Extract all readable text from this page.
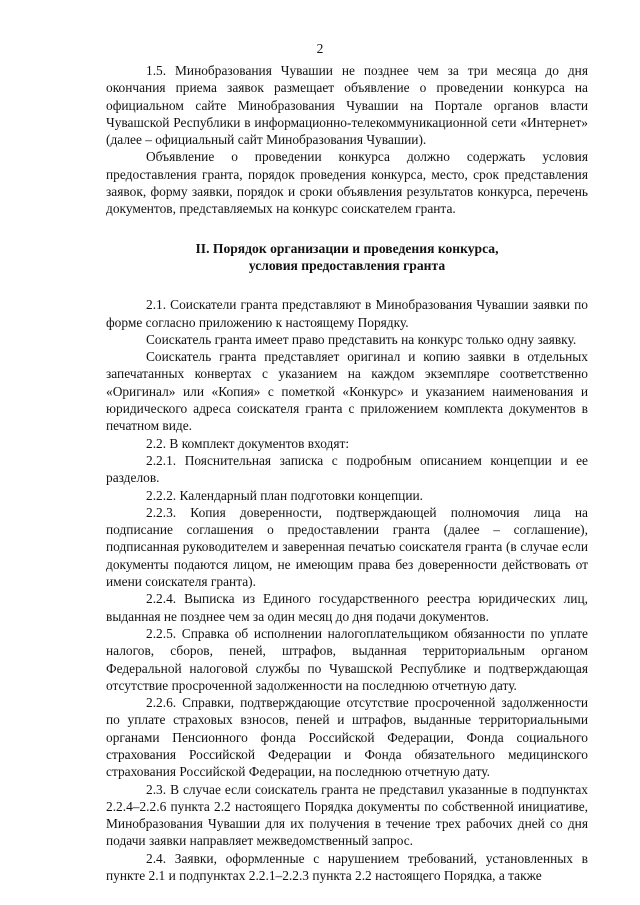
2

1.5. Минобразования Чувашии не позднее чем за три месяца до дня окончания приема заявок размещает объявление о проведении конкурса на официальном сайте Минобразования Чувашии на Портале органов власти Чувашской Республики в информационно-телекоммуникационной сети «Интернет» (далее – официальный сайт Минобразования Чувашии).

Объявление о проведении конкурса должно содержать условия предоставления гранта, порядок проведения конкурса, место, срок представления заявок, форму заявки, порядок и сроки объявления результатов конкурса, перечень документов, представляемых на конкурс соискателем гранта.

II. Порядок организации и проведения конкурса,
условия предоставления гранта

2.1. Соискатели гранта представляют в Минобразования Чувашии заявки по форме согласно приложению к настоящему Порядку.

Соискатель гранта имеет право представить на конкурс только одну заявку.

Соискатель гранта представляет оригинал и копию заявки в отдельных запечатанных конвертах с указанием на каждом экземпляре соответственно «Оригинал» или «Копия» с пометкой «Конкурс» и указанием наименования и юридического адреса соискателя гранта с приложением комплекта документов в печатном виде.

2.2. В комплект документов входят:

2.2.1. Пояснительная записка с подробным описанием концепции и ее разделов.

2.2.2. Календарный план подготовки концепции.

2.2.3. Копия доверенности, подтверждающей полномочия лица на подписание соглашения о предоставлении гранта (далее – соглашение), подписанная руководителем и заверенная печатью соискателя гранта (в случае если документы подаются лицом, не имеющим права без доверенности действовать от имени соискателя гранта).

2.2.4. Выписка из Единого государственного реестра юридических лиц, выданная не позднее чем за один месяц до дня подачи документов.

2.2.5. Справка об исполнении налогоплательщиком обязанности по уплате налогов, сборов, пеней, штрафов, выданная территориальным органом Федеральной налоговой службы по Чувашской Республике и подтверждающая отсутствие просроченной задолженности на последнюю отчетную дату.

2.2.6. Справки, подтверждающие отсутствие просроченной задолженности по уплате страховых взносов, пеней и штрафов, выданные территориальными органами Пенсионного фонда Российской Федерации, Фонда социального страхования Российской Федерации и Фонда обязательного медицинского страхования Российской Федерации, на последнюю отчетную дату.

2.3. В случае если соискатель гранта не представил указанные в подпунктах 2.2.4–2.2.6 пункта 2.2 настоящего Порядка документы по собственной инициативе, Минобразования Чувашии для их получения в течение трех рабочих дней со дня подачи заявки направляет межведомственный запрос.

2.4. Заявки, оформленные с нарушением требований, установленных в пункте 2.1 и подпунктах 2.2.1–2.2.3 пункта 2.2 настоящего Порядка, а также
